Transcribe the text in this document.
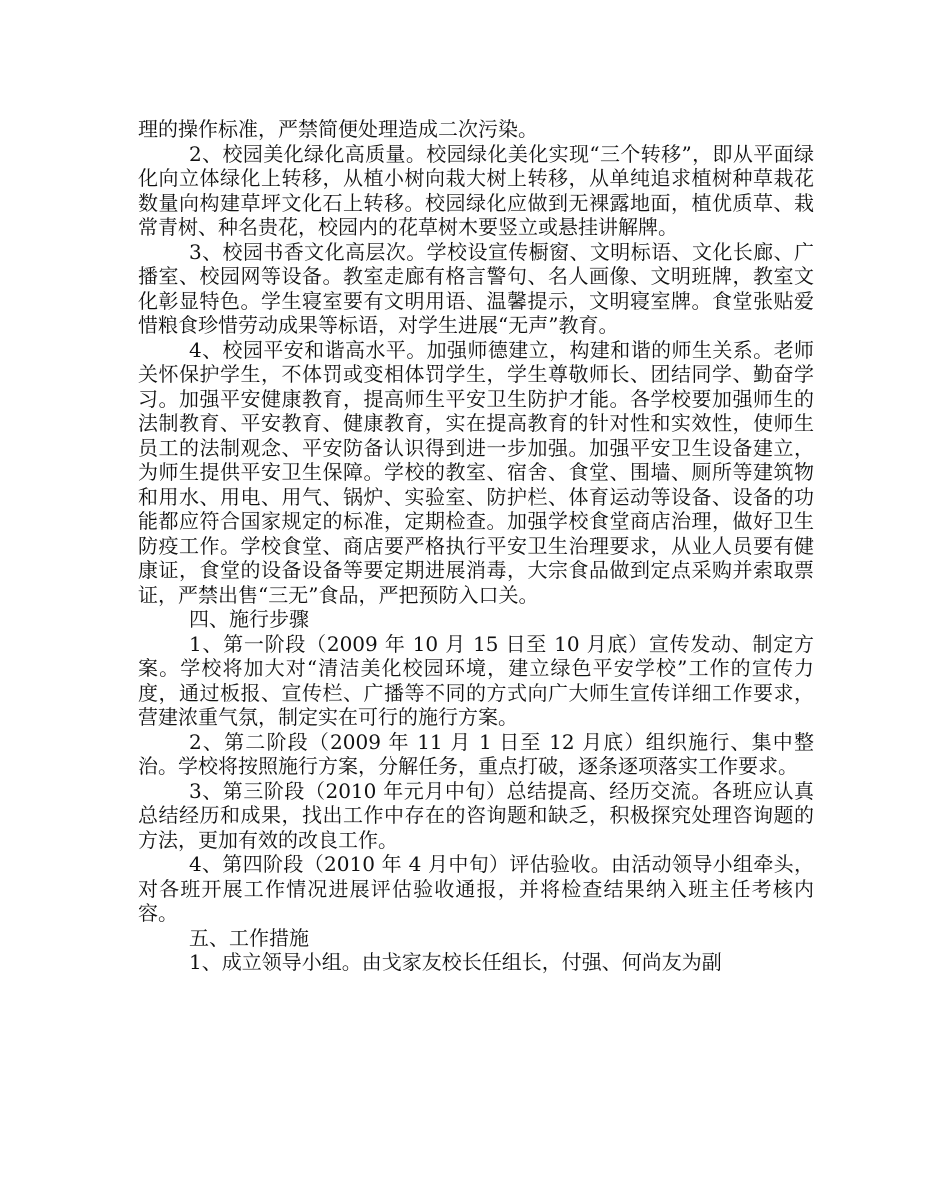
理的操作标准，严禁简便处理造成二次污染。

2、校园美化绿化高质量。校园绿化美化实现“三个转移”，即从平面绿化向立体绿化上转移，从植小树向栽大树上转移，从单纯追求植树种草栽花数量向构建草坪文化石上转移。校园绿化应做到无裸露地面，植优质草、栽常青树、种名贵花，校园内的花草树木要竖立或悬挂讲解牌。

3、校园书香文化高层次。学校设宣传橱窗、文明标语、文化长廊、广播室、校园网等设备。教室走廊有格言警句、名人画像、文明班牌，教室文化彰显特色。学生寝室要有文明用语、温馨提示，文明寝室牌。食堂张贴爱惜粮食珍惜劳动成果等标语，对学生进展“无声”教育。

4、校园平安和谐高水平。加强师德建立，构建和谐的师生关系。老师关怀保护学生，不体罚或变相体罚学生，学生尊敬师长、团结同学、勤奋学习。加强平安健康教育，提高师生平安卫生防护才能。各学校要加强师生的法制教育、平安教育、健康教育，实在提高教育的针对性和实效性，使师生员工的法制观念、平安防备认识得到进一步加强。加强平安卫生设备建立，为师生提供平安卫生保障。学校的教室、宿舍、食堂、围墙、厕所等建筑物和用水、用电、用气、锅炉、实验室、防护栏、体育运动等设备、设备的功能都应符合国家规定的标准，定期检查。加强学校食堂商店治理，做好卫生防疫工作。学校食堂、商店要严格执行平安卫生治理要求，从业人员要有健康证，食堂的设备设备等要定期进展消毒，大宗食品做到定点采购并索取票证，严禁出售“三无”食品，严把预防入口关。

四、施行步骤

1、第一阶段（2009 年 10 月 15 日至 10 月底）宣传发动、制定方案。学校将加大对“清洁美化校园环境，建立绿色平安学校”工作的宣传力度，通过板报、宣传栏、广播等不同的方式向广大师生宣传详细工作要求，营建浓重气氛，制定实在可行的施行方案。

2、第二阶段（2009 年 11 月 1 日至 12 月底）组织施行、集中整治。学校将按照施行方案，分解任务，重点打破，逐条逐项落实工作要求。

3、第三阶段（2010 年元月中旬）总结提高、经历交流。各班应认真总结经历和成果，找出工作中存在的咨询题和缺乏，积极探究处理咨询题的方法，更加有效的改良工作。

4、第四阶段（2010 年 4 月中旬）评估验收。由活动领导小组牵头，对各班开展工作情况进展评估验收通报，并将检查结果纳入班主任考核内容。

五、工作措施

1、成立领导小组。由戈家友校长任组长，付强、何尚友为副
